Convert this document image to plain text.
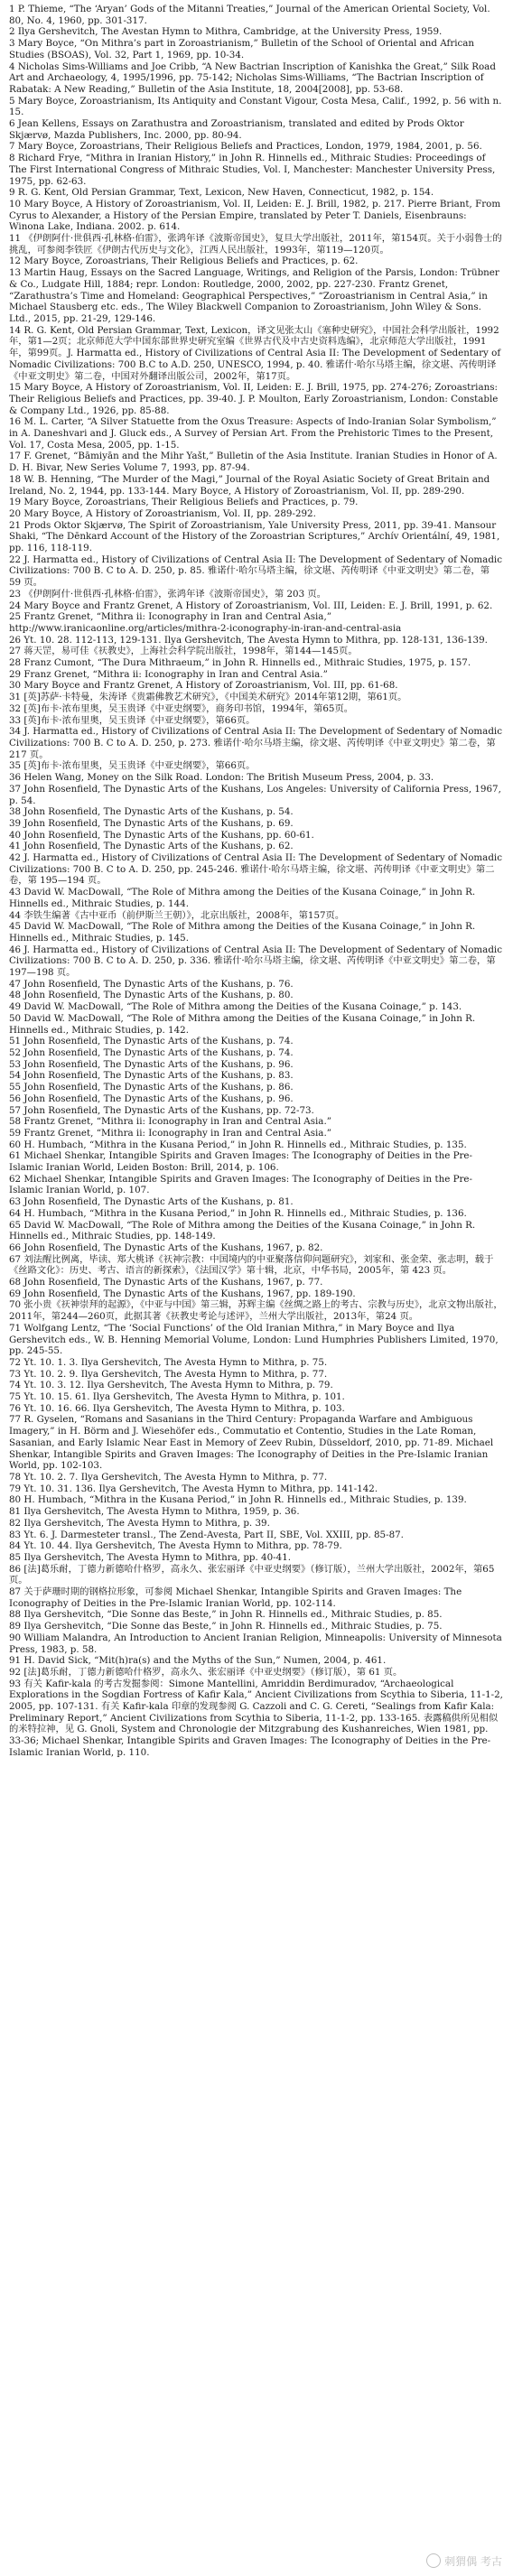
1 P. Thieme, “The ‘Aryan’ Gods of the Mitanni Treaties,” Journal of the American Oriental Society, Vol. 80, No. 4, 1960, pp. 301-317.
2 Ilya Gershevitch, The Avestan Hymn to Mithra, Cambridge, at the University Press, 1959.
3 Mary Boyce, “On Mithra’s part in Zoroastrianism,” Bulletin of the School of Oriental and African Studies (BSOAS), Vol. 32, Part 1, 1969, pp. 10-34.
4 Nicholas Sims-Williams and Joe Cribb, “A New Bactrian Inscription of Kanishka the Great,” Silk Road Art and Archaeology, 4, 1995/1996, pp. 75-142; Nicholas Sims-Williams, “The Bactrian Inscription of Rabatak: A New Reading,” Bulletin of the Asia Institute, 18, 2004[2008], pp. 53-68.
5 Mary Boyce, Zoroastrianism, Its Antiquity and Constant Vigour, Costa Mesa, Calif., 1992, p. 56 with n. 15.
6 Jean Kellens, Essays on Zarathustra and Zoroastrianism, translated and edited by Prods Oktor Skjærvø, Mazda Publishers, Inc. 2000, pp. 80-94.
7 Mary Boyce, Zoroastrians, Their Religious Beliefs and Practices, London, 1979, 1984, 2001, p. 56.
8 Richard Frye, “Mithra in Iranian History,” in John R. Hinnells ed., Mithraic Studies: Proceedings of The First International Congress of Mithraic Studies, Vol. I, Manchester: Manchester University Press, 1975, pp. 62-63.
9 R. G. Kent, Old Persian Grammar, Text, Lexicon, New Haven, Connecticut, 1982, p. 154.
10 Mary Boyce, A History of Zoroastrianism, Vol. II, Leiden: E. J. Brill, 1982, p. 217. Pierre Briant, From Cyrus to Alexander, a History of the Persian Empire, translated by Peter T. Daniels, Eisenbrauns: Winona Lake, Indiana. 2002. p. 614.
11 《伊朗阿什·世俱西·孔林格·伯雷》，张鸿年译《波斯帝国史》，复旦大学出版社，2011年，第154页。关于小弱鲁士的挑乱，可参阅李铁匠《伊朗古代历史与文化》，江西人民出版社，1993年，第119—120页。
12 Mary Boyce, Zoroastrians, Their Religious Beliefs and Practices, p. 62.
13 Martin Haug, Essays on the Sacred Language, Writings, and Religion of the Parsis, London: Trübner & Co., Ludgate Hill, 1884; repr. London: Routledge, 2000, 2002, pp. 227-230. Frantz Grenet, “Zarathustra’s Time and Homeland: Geographical Perspectives,” “Zoroastrianism in Central Asia,” in Michael Stausberg etc. eds., The Wiley Blackwell Companion to Zoroastrianism, John Wiley & Sons. Ltd., 2015, pp. 21-29, 129-146.
14 R. G. Kent, Old Persian Grammar, Text, Lexicon，译文见张太山《塞种史研究》，中国社会科学出版社，1992年，第1—2页；北京师范大学中国东部世界史研究室编《世界古代及中古史资料选编》，北京师范大学出版社，1991年，第99页。J. Harmatta ed., History of Civilizations of Central Asia II: The Development of Sedentary of Nomadic Civilizations: 700 B.C to A.D. 250, UNESCO, 1994, p. 40. 雅诺什·哈尔马塔主编，徐文堪、芮传明译《中亚文明史》第二卷，中国对外翻译出版公司，2002年，第17页。
15 Mary Boyce, A History of Zoroastrianism, Vol. II, Leiden: E. J. Brill, 1975, pp. 274-276; Zoroastrians: Their Religious Beliefs and Practices, pp. 39-40. J. P. Moulton, Early Zoroastrianism, London: Constable & Company Ltd., 1926, pp. 85-88.
16 M. L. Carter, “A Silver Statuette from the Oxus Treasure: Aspects of Indo-Iranian Solar Symbolism,” in A. Daneshvari and J. Gluck eds., A Survey of Persian Art. From the Prehistoric Times to the Present, Vol. 17, Costa Mesa, 2005, pp. 1-15.
17 F. Grenet, “Bāmiyān and the Mihr Yašt,” Bulletin of the Asia Institute. Iranian Studies in Honor of A. D. H. Bivar, New Series Volume 7, 1993, pp. 87-94.
18 W. B. Henning, “The Murder of the Magi,” Journal of the Royal Asiatic Society of Great Britain and Ireland, No. 2, 1944, pp. 133-144. Mary Boyce, A History of Zoroastrianism, Vol. II, pp. 289-290.
19 Mary Boyce, Zoroastrians, Their Religious Beliefs and Practices, p. 79.
20 Mary Boyce, A History of Zoroastrianism, Vol. II, pp. 289-292.
21 Prods Oktor Skjærvø, The Spirit of Zoroastrianism, Yale University Press, 2011, pp. 39-41. Mansour Shaki, “The Dēnkard Account of the History of the Zoroastrian Scriptures,” Archív Orientální, 49, 1981, pp. 116, 118-119.
22 J. Harmatta ed., History of Civilizations of Central Asia II: The Development of Sedentary of Nomadic Civilizations: 700 B. C to A. D. 250, p. 85. 雅诺什·哈尔马塔主编，徐文堪、芮传明译《中亚文明史》第二卷，第 59 页。
23 《伊朗阿什·世俱西·孔林格·伯雷》，张鸿年译《波斯帝国史》，第 203 页。
24 Mary Boyce and Frantz Grenet, A History of Zoroastrianism, Vol. III, Leiden: E. J. Brill, 1991, p. 62.
25 Frantz Grenet, “Mithra ii: Iconography in Iran and Central Asia,” http://www.iranicaonline.org/articles/mithra-2-iconography-in-iran-and-central-asia
26 Yt. 10. 28. 112-113, 129-131. Ilya Gershevitch, The Avesta Hymn to Mithra, pp. 128-131, 136-139.
27 蒋天罡，易可佳《祆教史》，上海社会科学院出版社，1998年，第144—145页。
28 Franz Cumont, “The Dura Mithraeum,” in John R. Hinnells ed., Mithraic Studies, 1975, p. 157.
29 Franz Grenet, “Mithra ii: Iconography in Iran and Central Asia.”
30 Mary Boyce and Frantz Grenet, A History of Zoroastrianism, Vol. III, pp. 61-68.
31 [英]苏萨·卡特曼，朱涛译《贵霜佛教艺术研究》，《中国美术研究》2014年第12期，第61页。
32 [英]布卡·浓布里奥，吴玉贵译《中亚史纲要》，商务印书馆，1994年，第65页。
33 [英]布卡·浓布里奥，吴玉贵译《中亚史纲要》，第66页。
34 J. Harmatta ed., History of Civilizations of Central Asia II: The Development of Sedentary of Nomadic Civilizations: 700 B. C to A. D. 250, p. 273. 雅诺什·哈尔马塔主编，徐文堪、芮传明译《中亚文明史》第二卷，第 217 页。
35 [英]布卡·浓布里奥，吴玉贵译《中亚史纲要》，第66页。
36 Helen Wang, Money on the Silk Road. London: The British Museum Press, 2004, p. 33.
37 John Rosenfield, The Dynastic Arts of the Kushans, Los Angeles: University of California Press, 1967, p. 54.
38 John Rosenfield, The Dynastic Arts of the Kushans, p. 54.
39 John Rosenfield, The Dynastic Arts of the Kushans, p. 69.
40 John Rosenfield, The Dynastic Arts of the Kushans, pp. 60-61.
41 John Rosenfield, The Dynastic Arts of the Kushans, p. 62.
42 J. Harmatta ed., History of Civilizations of Central Asia II: The Development of Sedentary of Nomadic Civilizations: 700 B. C to A. D. 250, pp. 245-246. 雅诺什·哈尔马塔主编，徐文堪、芮传明译《中亚文明史》第二卷，第 195—194 页。
43 David W. MacDowall, “The Role of Mithra among the Deities of the Kusana Coinage,” in John R. Hinnells ed., Mithraic Studies, p. 144.
44 李铁生编著《古中亚币（前伊斯兰王朝）》，北京出版社，2008年，第157页。
45 David W. MacDowall, “The Role of Mithra among the Deities of the Kusana Coinage,” in John R. Hinnells ed., Mithraic Studies, p. 145.
46 J. Harmatta ed., History of Civilizations of Central Asia II: The Development of Sedentary of Nomadic Civilizations: 700 B. C to A. D. 250, p. 336. 雅诺什·哈尔马塔主编，徐文堪、芮传明译《中亚文明史》第二卷，第 197—198 页。
47 John Rosenfield, The Dynastic Arts of the Kushans, p. 76.
48 John Rosenfield, The Dynastic Arts of the Kushans, p. 80.
49 David W. MacDowall, “The Role of Mithra among the Deities of the Kusana Coinage,” p. 143.
50 David W. MacDowall, “The Role of Mithra among the Deities of the Kusana Coinage,” in John R. Hinnells ed., Mithraic Studies, p. 142.
51 John Rosenfield, The Dynastic Arts of the Kushans, p. 74.
52 John Rosenfield, The Dynastic Arts of the Kushans, p. 74.
53 John Rosenfield, The Dynastic Arts of the Kushans, p. 96.
54 John Rosenfield, The Dynastic Arts of the Kushans, p. 83.
55 John Rosenfield, The Dynastic Arts of the Kushans, p. 86.
56 John Rosenfield, The Dynastic Arts of the Kushans, p. 96.
57 John Rosenfield, The Dynastic Arts of the Kushans, pp. 72-73.
58 Frantz Grenet, “Mithra ii: Iconography in Iran and Central Asia.”
59 Frantz Grenet, “Mithra ii: Iconography in Iran and Central Asia.”
60 H. Humbach, “Mithra in the Kusana Period,” in John R. Hinnells ed., Mithraic Studies, p. 135.
61 Michael Shenkar, Intangible Spirits and Graven Images: The Iconography of Deities in the Pre-Islamic Iranian World, Leiden Boston: Brill, 2014, p. 106.
62 Michael Shenkar, Intangible Spirits and Graven Images: The Iconography of Deities in the Pre-Islamic Iranian World, p. 107.
63 John Rosenfield, The Dynastic Arts of the Kushans, p. 81.
64 H. Humbach, “Mithra in the Kusana Period,” in John R. Hinnells ed., Mithraic Studies, p. 136.
65 David W. MacDowall, “The Role of Mithra among the Deities of the Kusana Coinage,” in John R. Hinnells ed., Mithraic Studies, pp. 148-149.
66 John Rosenfield, The Dynastic Arts of the Kushans, 1967, p. 82.
67 刘法醒比例离，毕读、郑大桃译《祆神宗教：中国境内的中亚聚落信仰问题研究》，刘家和、张金荣、张志明，载于《丝路文化》：历史、考古、语言的新探索》，《法国汉学》第十辑，北京，中华书局，2005年，第 423 页。
68 John Rosenfield, The Dynastic Arts of the Kushans, 1967, p. 77.
69 John Rosenfield, The Dynastic Arts of the Kushans, 1967, pp. 189-190.
70 张小贵《祆神崇拜的起源》，《中亚与中国》第三辑，苏辉主编《丝绸之路上的考古、宗教与历史》，北京文物出版社，2011年，第244—260页，此据其著《祆教史考论与述评》，兰州大学出版社，2013年，第24 页。
71 Wolfgang Lentz, “The ‘Social Functions’ of the Old Iranian Mithra,” in Mary Boyce and Ilya Gershevitch eds., W. B. Henning Memorial Volume, London: Lund Humphries Publishers Limited, 1970, pp. 245-55.
72 Yt. 10. 1. 3. Ilya Gershevitch, The Avesta Hymn to Mithra, p. 75.
73 Yt. 10. 2. 9. Ilya Gershevitch, The Avesta Hymn to Mithra, p. 77.
74 Yt. 10. 3. 12. Ilya Gershevitch, The Avesta Hymn to Mithra, p. 79.
75 Yt. 10. 15. 61. Ilya Gershevitch, The Avesta Hymn to Mithra, p. 101.
76 Yt. 10. 16. 66. Ilya Gershevitch, The Avesta Hymn to Mithra, p. 103.
77 R. Gyselen, “Romans and Sasanians in the Third Century: Propaganda Warfare and Ambiguous Imagery,” in H. Börm and J. Wiesehöfer eds., Commutatio et Contentio, Studies in the Late Roman, Sasanian, and Early Islamic Near East in Memory of Zeev Rubin, Düsseldorf, 2010, pp. 71-89. Michael Shenkar, Intangible Spirits and Graven Images: The Iconography of Deities in the Pre-Islamic Iranian World, pp. 102-103.
78 Yt. 10. 2. 7. Ilya Gershevitch, The Avesta Hymn to Mithra, p. 77.
79 Yt. 10. 31. 136. Ilya Gershevitch, The Avesta Hymn to Mithra, pp. 141-142.
80 H. Humbach, “Mithra in the Kusana Period,” in John R. Hinnells ed., Mithraic Studies, p. 139.
81 Ilya Gershevitch, The Avesta Hymn to Mithra, 1959, p. 36.
82 Ilya Gershevitch, The Avesta Hymn to Mithra, p. 39.
83 Yt. 6. J. Darmesteter transl., The Zend-Avesta, Part II, SBE, Vol. XXIII, pp. 85-87.
84 Yt. 10. 44. Ilya Gershevitch, The Avesta Hymn to Mithra, pp. 78-79.
85 Ilya Gershevitch, The Avesta Hymn to Mithra, pp. 40-41.
86 [法]葛乐耐，丁德力新德哈什格罗，高永久、张宏丽译《中亚史纲要》（修订版），兰州大学出版社，2002年，第65页。
87 关于萨珊时期的钢格拉形象，可参阅 Michael Shenkar, Intangible Spirits and Graven Images: The Iconography of Deities in the Pre-Islamic Iranian World, pp. 102-114.
88 Ilya Gershevitch, “Die Sonne das Beste,” in John R. Hinnells ed., Mithraic Studies, p. 85.
89 Ilya Gershevitch, “Die Sonne das Beste,” in John R. Hinnells ed., Mithraic Studies, p. 75.
90 William Malandra, An Introduction to Ancient Iranian Religion, Minneapolis: University of Minnesota Press, 1983, p. 58.
91 H. David Sick, “Mit(h)ra(s) and the Myths of the Sun,” Numen, 2004, p. 461.
92 [法]葛乐耐，丁德力新德哈什格罗，高永久、张宏丽译《中亚史纲要》（修订版），第 61 页。
93 有关 Kafir-kala 的考古发掘参阅：Simone Mantellini, Amriddin Berdimuradov, “Archaeological Explorations in the Sogdian Fortress of Kafir Kala,” Ancient Civilizations from Scythia to Siberia, 11-1-2, 2005, pp. 107-131. 有关 Kafir-kala 印章的发现参阅 G. Cazzoli and C. G. Cereti, “Sealings from Kafir Kala: Preliminary Report,” Ancient Civilizations from Scythia to Siberia, 11-1-2, pp. 133-165. 表露稿供所见相似的米特拉神，见 G. Gnoli, System and Chronologie der Mitzgrabung des Kushanreiches, Wien 1981, pp. 33-36; Michael Shenkar, Intangible Spirits and Graven Images: The Iconography of Deities in the Pre-Islamic Iranian World, p. 110.
刺猬偶 考古
